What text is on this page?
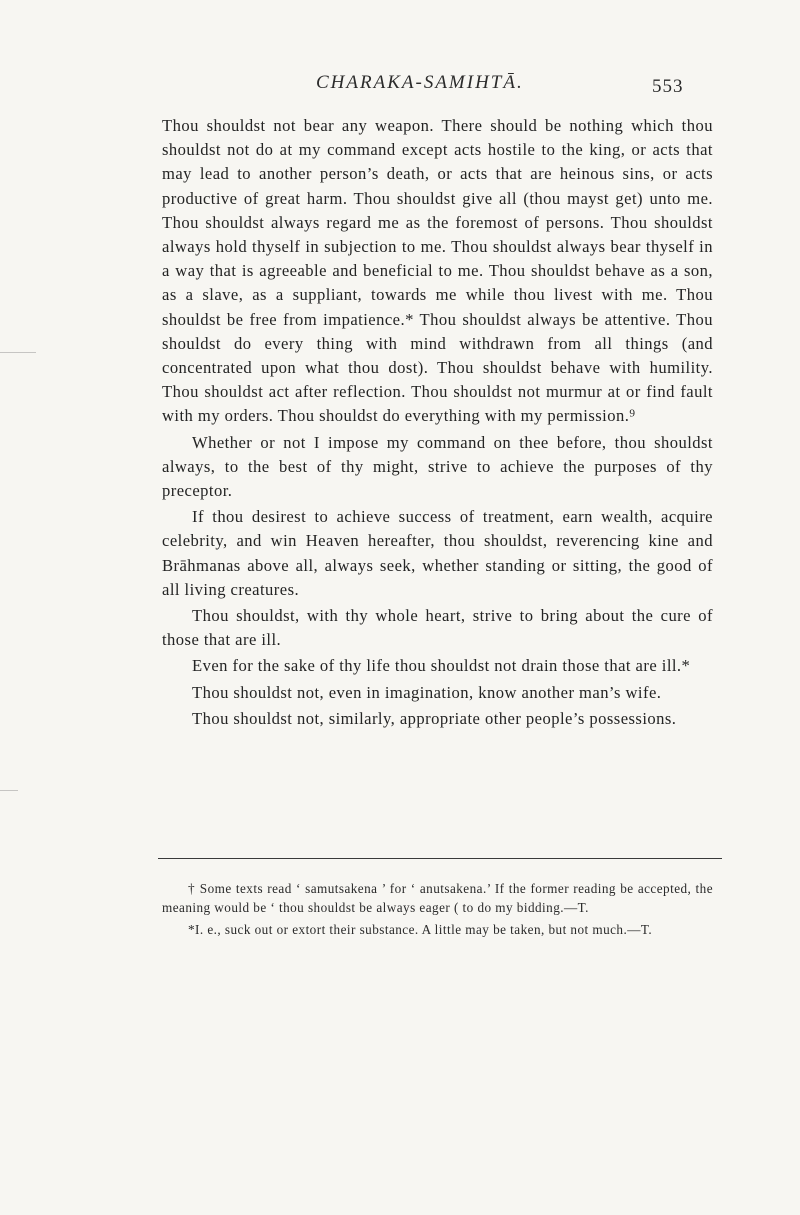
CHARAKA-SAMIHTĀ.	553

Thou shouldst not bear any weapon. There should be nothing which thou shouldst not do at my command except acts hostile to the king, or acts that may lead to another person’s death, or acts that are heinous sins, or acts productive of great harm. Thou shouldst give all (thou mayst get) unto me. Thou shouldst always regard me as the foremost of persons. Thou shouldst always hold thyself in subjection to me. Thou shouldst always bear thyself in a way that is agreeable and beneficial to me. Thou shouldst behave as a son, as a slave, as a suppliant, towards me while thou livest with me. Thou shouldst be free from impatience.* Thou shouldst always be attentive. Thou shouldst do every thing with mind withdrawn from all things (and concentrated upon what thou dost). Thou shouldst behave with humility. Thou shouldst act after reflection. Thou shouldst not murmur at or find fault with my orders. Thou shouldst do everything with my permission.⁹

Whether or not I impose my command on thee before, thou shouldst always, to the best of thy might, strive to achieve the purposes of thy preceptor.

If thou desirest to achieve success of treatment, earn wealth, acquire celebrity, and win Heaven hereafter, thou shouldst, reverencing kine and Brāhmanas above all, always seek, whether standing or sitting, the good of all living creatures.

Thou shouldst, with thy whole heart, strive to bring about the cure of those that are ill.

Even for the sake of thy life thou shouldst not drain those that are ill.*

Thou shouldst not, even in imagination, know another man’s wife.

Thou shouldst not, similarly, appropriate other people’s possessions.

† Some texts read ‘ samutsakena ’ for ‘ anutsakena.’ If the former reading be accepted, the meaning would be ‘ thou shouldst be always eager ( to do my bidding.—T.

*I. e., suck out or extort their substance. A little may be taken, but not much.—T.
